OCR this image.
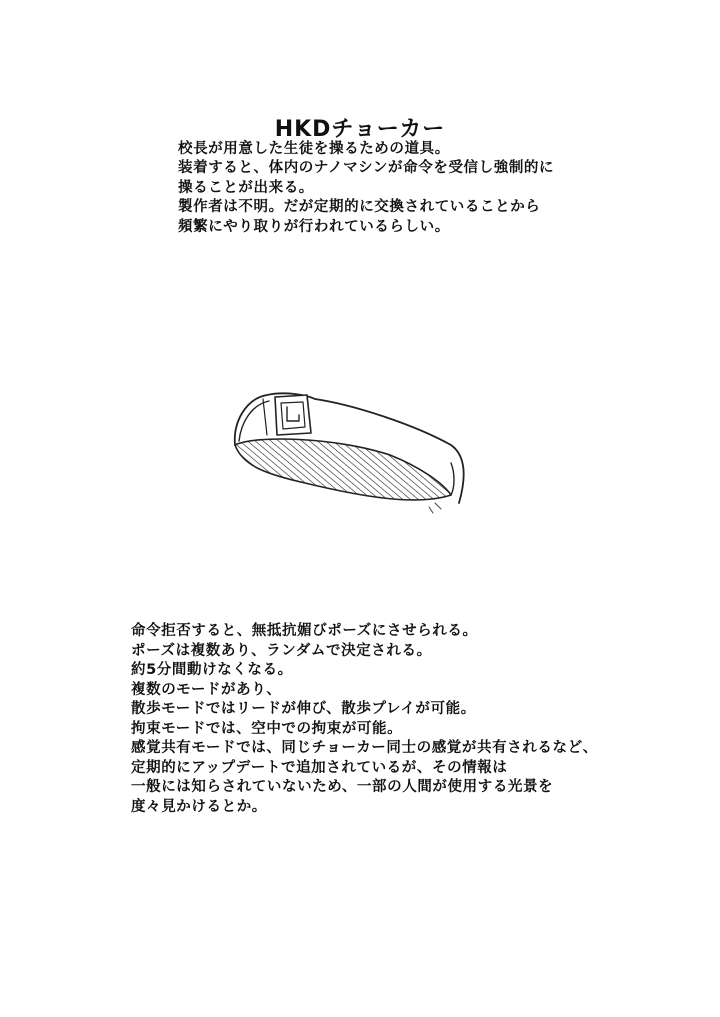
HKDチョーカー
校長が用意した生徒を操るための道具。
装着すると、体内のナノマシンが命令を受信し強制的に
操ることが出来る。
製作者は不明。だが定期的に交換されていることから
頻繁にやり取りが行われているらしい。
命令拒否すると、無抵抗媚びポーズにさせられる。
ポーズは複数あり、ランダムで決定される。
約5分間動けなくなる。
複数のモードがあり、
散歩モードではリードが伸び、散歩プレイが可能。
拘束モードでは、空中での拘束が可能。
感覚共有モードでは、同じチョーカー同士の感覚が共有されるなど、
定期的にアップデートで追加されているが、その情報は
一般には知らされていないため、一部の人間が使用する光景を
度々見かけるとか。
